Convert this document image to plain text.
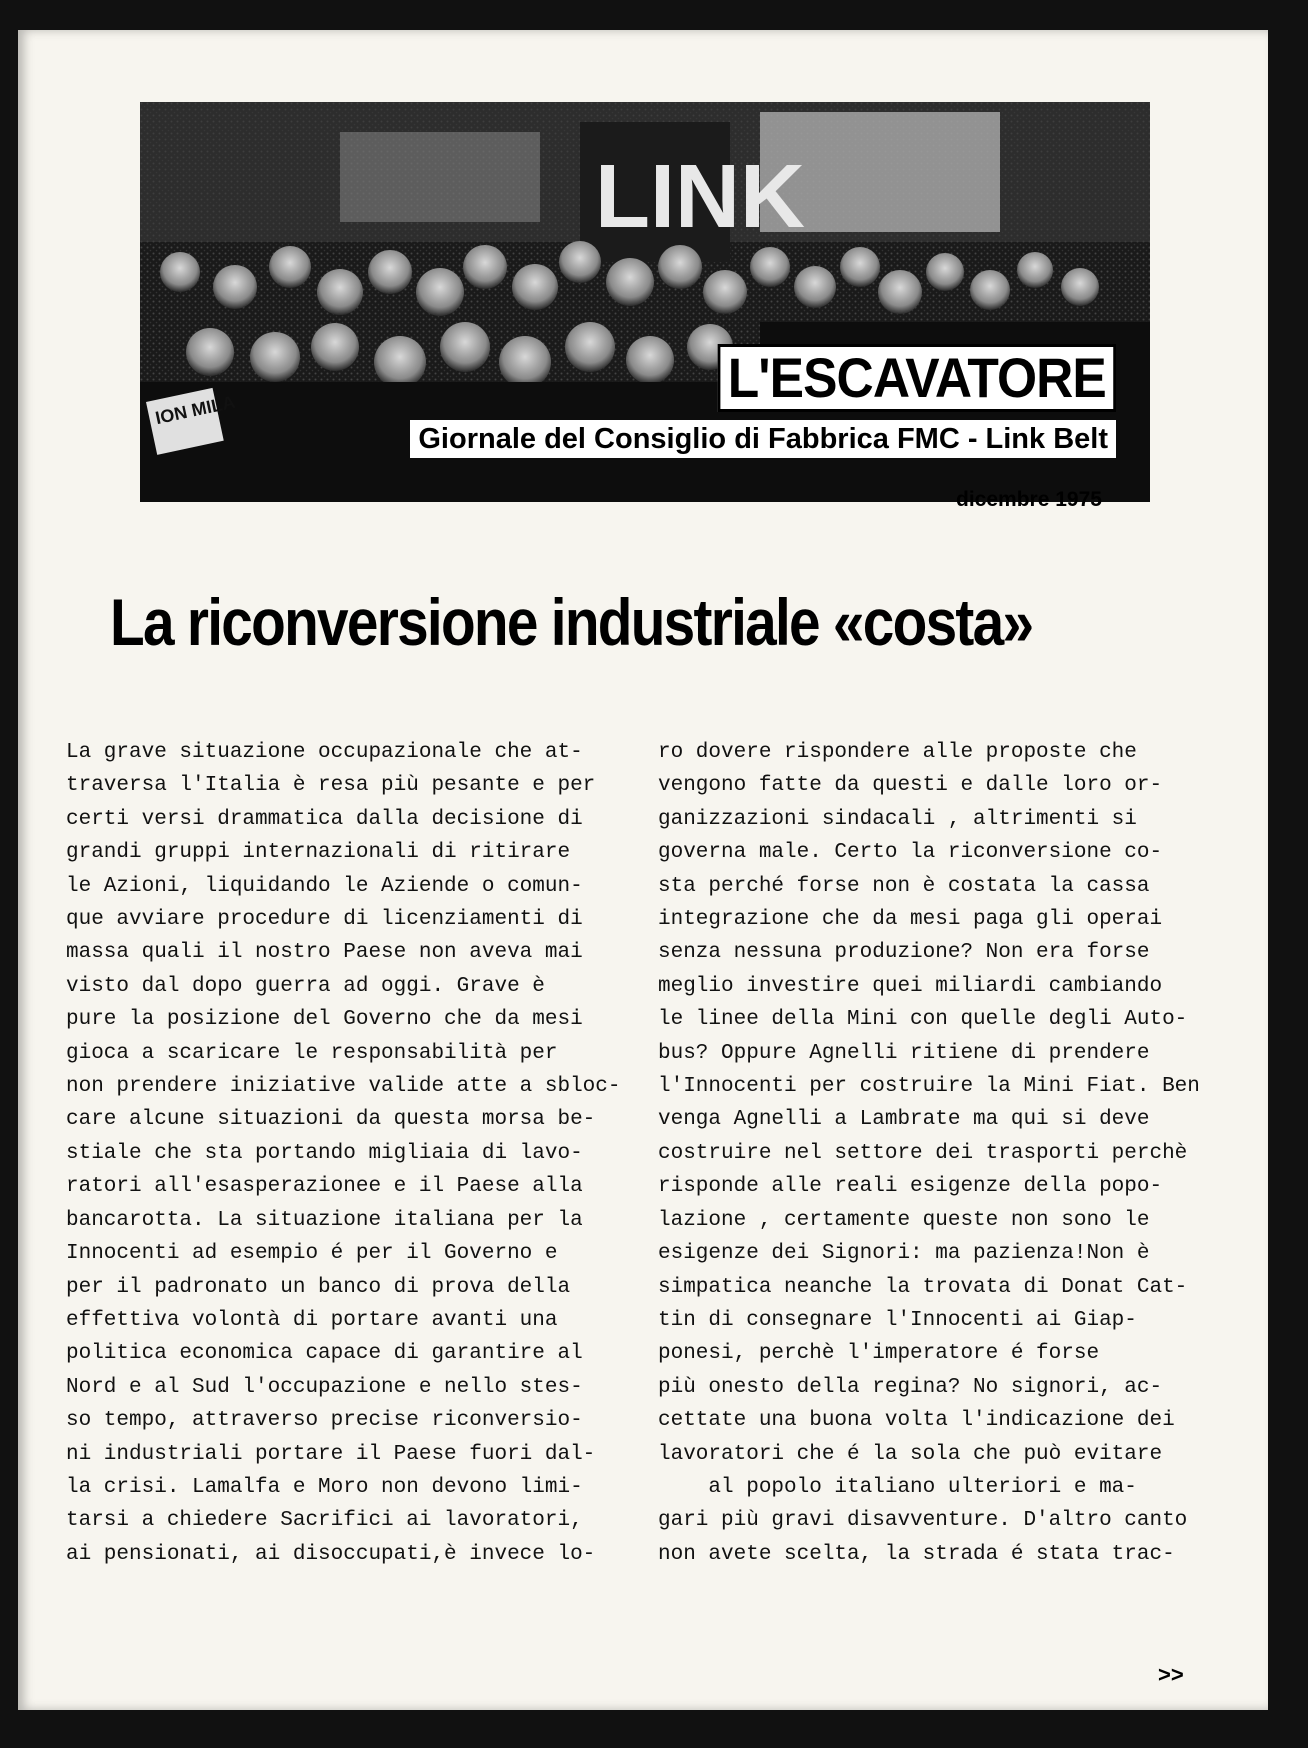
LINK
ION MILA
L'ESCAVATORE
Giornale del Consiglio di Fabbrica FMC - Link Belt
dicembre 1975
La riconversione industriale «costa»
La grave situazione occupazionale che at-
traversa l'Italia è resa più pesante e per
certi versi drammatica dalla decisione di
grandi gruppi internazionali di ritirare
le Azioni, liquidando le Aziende o comun-
que avviare procedure di licenziamenti di
massa quali il nostro Paese non aveva mai
visto dal dopo guerra ad oggi. Grave è
pure la posizione del Governo che da mesi
gioca a scaricare le responsabilità per
non prendere iniziative valide atte a sbloc-
care alcune situazioni da questa morsa be-
stiale che sta portando migliaia di lavo-
ratori all'esasperazionee e il Paese alla
bancarotta. La situazione italiana per la
Innocenti ad esempio é per il Governo e
per il padronato un banco di prova della
effettiva volontà di portare avanti una
politica economica capace di garantire al
Nord e al Sud l'occupazione e nello stes-
so tempo, attraverso precise riconversio-
ni industriali portare il Paese fuori dal-
la crisi. Lamalfa e Moro non devono limi-
tarsi a chiedere Sacrifici ai lavoratori,
ai pensionati, ai disoccupati,è invece lo-
ro dovere rispondere alle proposte che
vengono fatte da questi e dalle loro or-
ganizzazioni sindacali , altrimenti si
governa male. Certo la riconversione co-
sta perché forse non è costata la cassa
integrazione che da mesi paga gli operai
senza nessuna produzione? Non era forse
meglio investire quei miliardi cambiando
le linee della Mini con quelle degli Auto-
bus? Oppure Agnelli ritiene di prendere
l'Innocenti per costruire la Mini Fiat. Ben
venga Agnelli a Lambrate ma qui si deve
costruire nel settore dei trasporti perchè
risponde alle reali esigenze della popo-
lazione , certamente queste non sono le
esigenze dei Signori: ma pazienza!Non è
simpatica neanche la trovata di Donat Cat-
tin di consegnare l'Innocenti ai Giap-
ponesi, perchè l'imperatore é forse
più onesto della regina? No signori, ac-
cettate una buona volta l'indicazione dei
lavoratori che é la sola che può evitare
al popolo italiano ulteriori e ma-
gari più gravi disavventure. D'altro canto
non avete scelta, la strada é stata trac-
>>
